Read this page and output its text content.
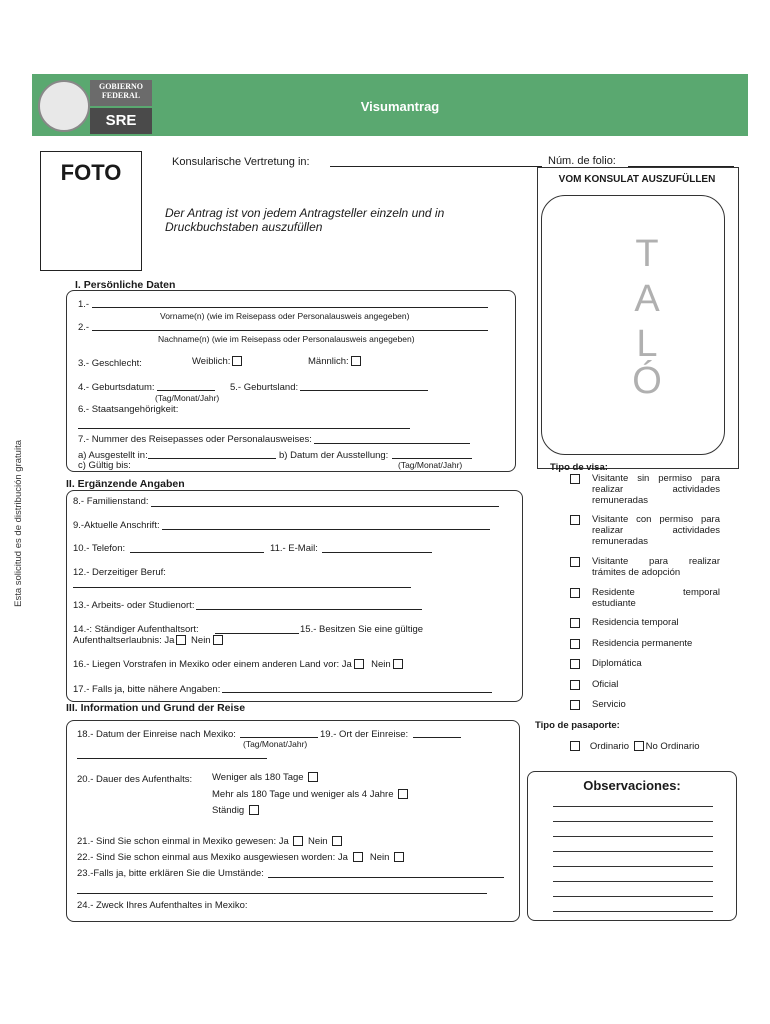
GOBIERNO FEDERAL
SRE
Visumantrag
FOTO	Konsularische Vertretung in:	Núm. de folio:
VOM KONSULAT AUSZUFÜLLEN
T
A
L
Ó
Der Antrag ist von jedem Antragsteller einzeln und in Druckbuchstaben auszufüllen
Esta solicitud es de distribución gratuita
I. Persönliche Daten
1.-
Vorname(n) (wie im Reisepass oder Personalausweis angegeben)
2.-
Nachname(n) (wie im Reisepass oder Personalausweis angegeben)
3.- Geschlecht:	Weiblich:	Männlich:
4.- Geburtsdatum:
(Tag/Monat/Jahr)
5.- Geburtsland:
6.- Staatsangehörigkeit:
7.- Nummer des Reisepasses oder Personalausweises:
a) Ausgestellt in:	b) Datum der Ausstellung:
c) Gültig bis:	(Tag/Monat/Jahr)
II. Ergänzende Angaben
8.- Familienstand:
9.-Aktuelle Anschrift:
10.- Telefon:	11.- E-Mail:
12.- Derzeitiger Beruf:
13.- Arbeits- oder Studienort:
14.-: Ständiger Aufenthaltsort:	15.- Besitzen Sie eine gültige
Aufenthaltserlaubnis: Ja Nein
16.- Liegen Vorstrafen in Mexiko oder einem anderen Land vor: Ja Nein
17.- Falls ja, bitte nähere Angaben:
III. Information und Grund der Reise
18.- Datum der Einreise nach Mexiko:
(Tag/Monat/Jahr)
19.- Ort der Einreise:
20.- Dauer des Aufenthalts: Weniger als 180 Tage
Mehr als 180 Tage und weniger als 4 Jahre
Ständig
21.- Sind Sie schon einmal in Mexiko gewesen: Ja Nein
22.- Sind Sie schon einmal aus Mexiko ausgewiesen worden: Ja Nein
23.-Falls ja, bitte erklären Sie die Umstände:
24.- Zweck Ihres Aufenthaltes in Mexiko:
Tipo de visa:
Visitante sin permiso para realizar actividades remuneradas
Visitante con permiso para realizar actividades remuneradas
Visitante para realizar trámites de adopción
Residente temporal estudiante
Residencia temporal
Residencia permanente
Diplomática
Oficial
Servicio
Tipo de pasaporte:
Ordinario No Ordinario
Observaciones:
